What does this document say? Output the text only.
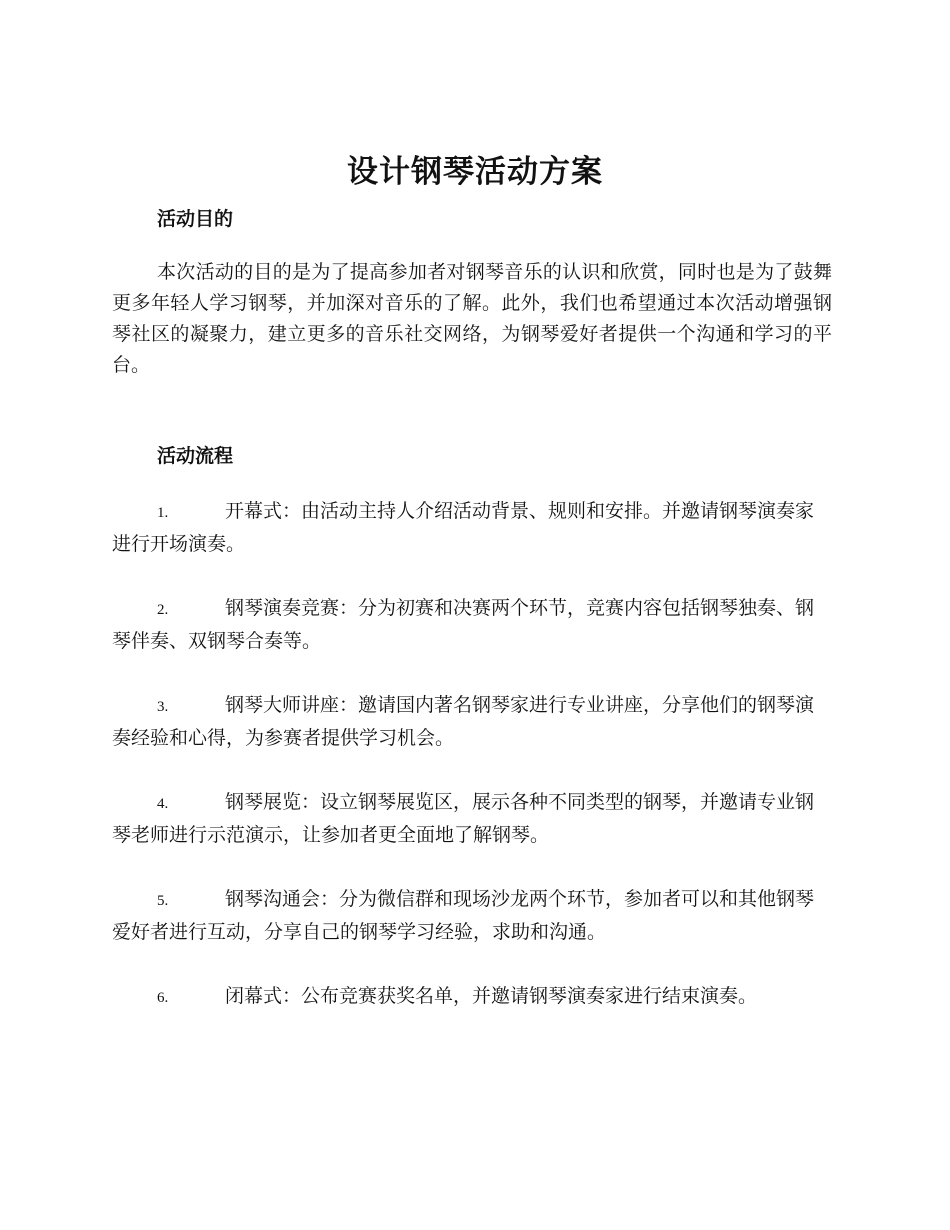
设计钢琴活动方案
活动目的

本次活动的目的是为了提高参加者对钢琴音乐的认识和欣赏，同时也是为了鼓舞更多年轻人学习钢琴，并加深对音乐的了解。此外，我们也希望通过本次活动增强钢琴社区的凝聚力，建立更多的音乐社交网络，为钢琴爱好者提供一个沟通和学习的平台。

活动流程

1.	开幕式：由活动主持人介绍活动背景、规则和安排。并邀请钢琴演奏家进行开场演奏。

2.	钢琴演奏竞赛：分为初赛和决赛两个环节，竞赛内容包括钢琴独奏、钢琴伴奏、双钢琴合奏等。

3.	钢琴大师讲座：邀请国内著名钢琴家进行专业讲座，分享他们的钢琴演奏经验和心得，为参赛者提供学习机会。

4.	钢琴展览：设立钢琴展览区，展示各种不同类型的钢琴，并邀请专业钢琴老师进行示范演示，让参加者更全面地了解钢琴。

5.	钢琴沟通会：分为微信群和现场沙龙两个环节，参加者可以和其他钢琴爱好者进行互动，分享自己的钢琴学习经验，求助和沟通。

6.	闭幕式：公布竞赛获奖名单，并邀请钢琴演奏家进行结束演奏。
